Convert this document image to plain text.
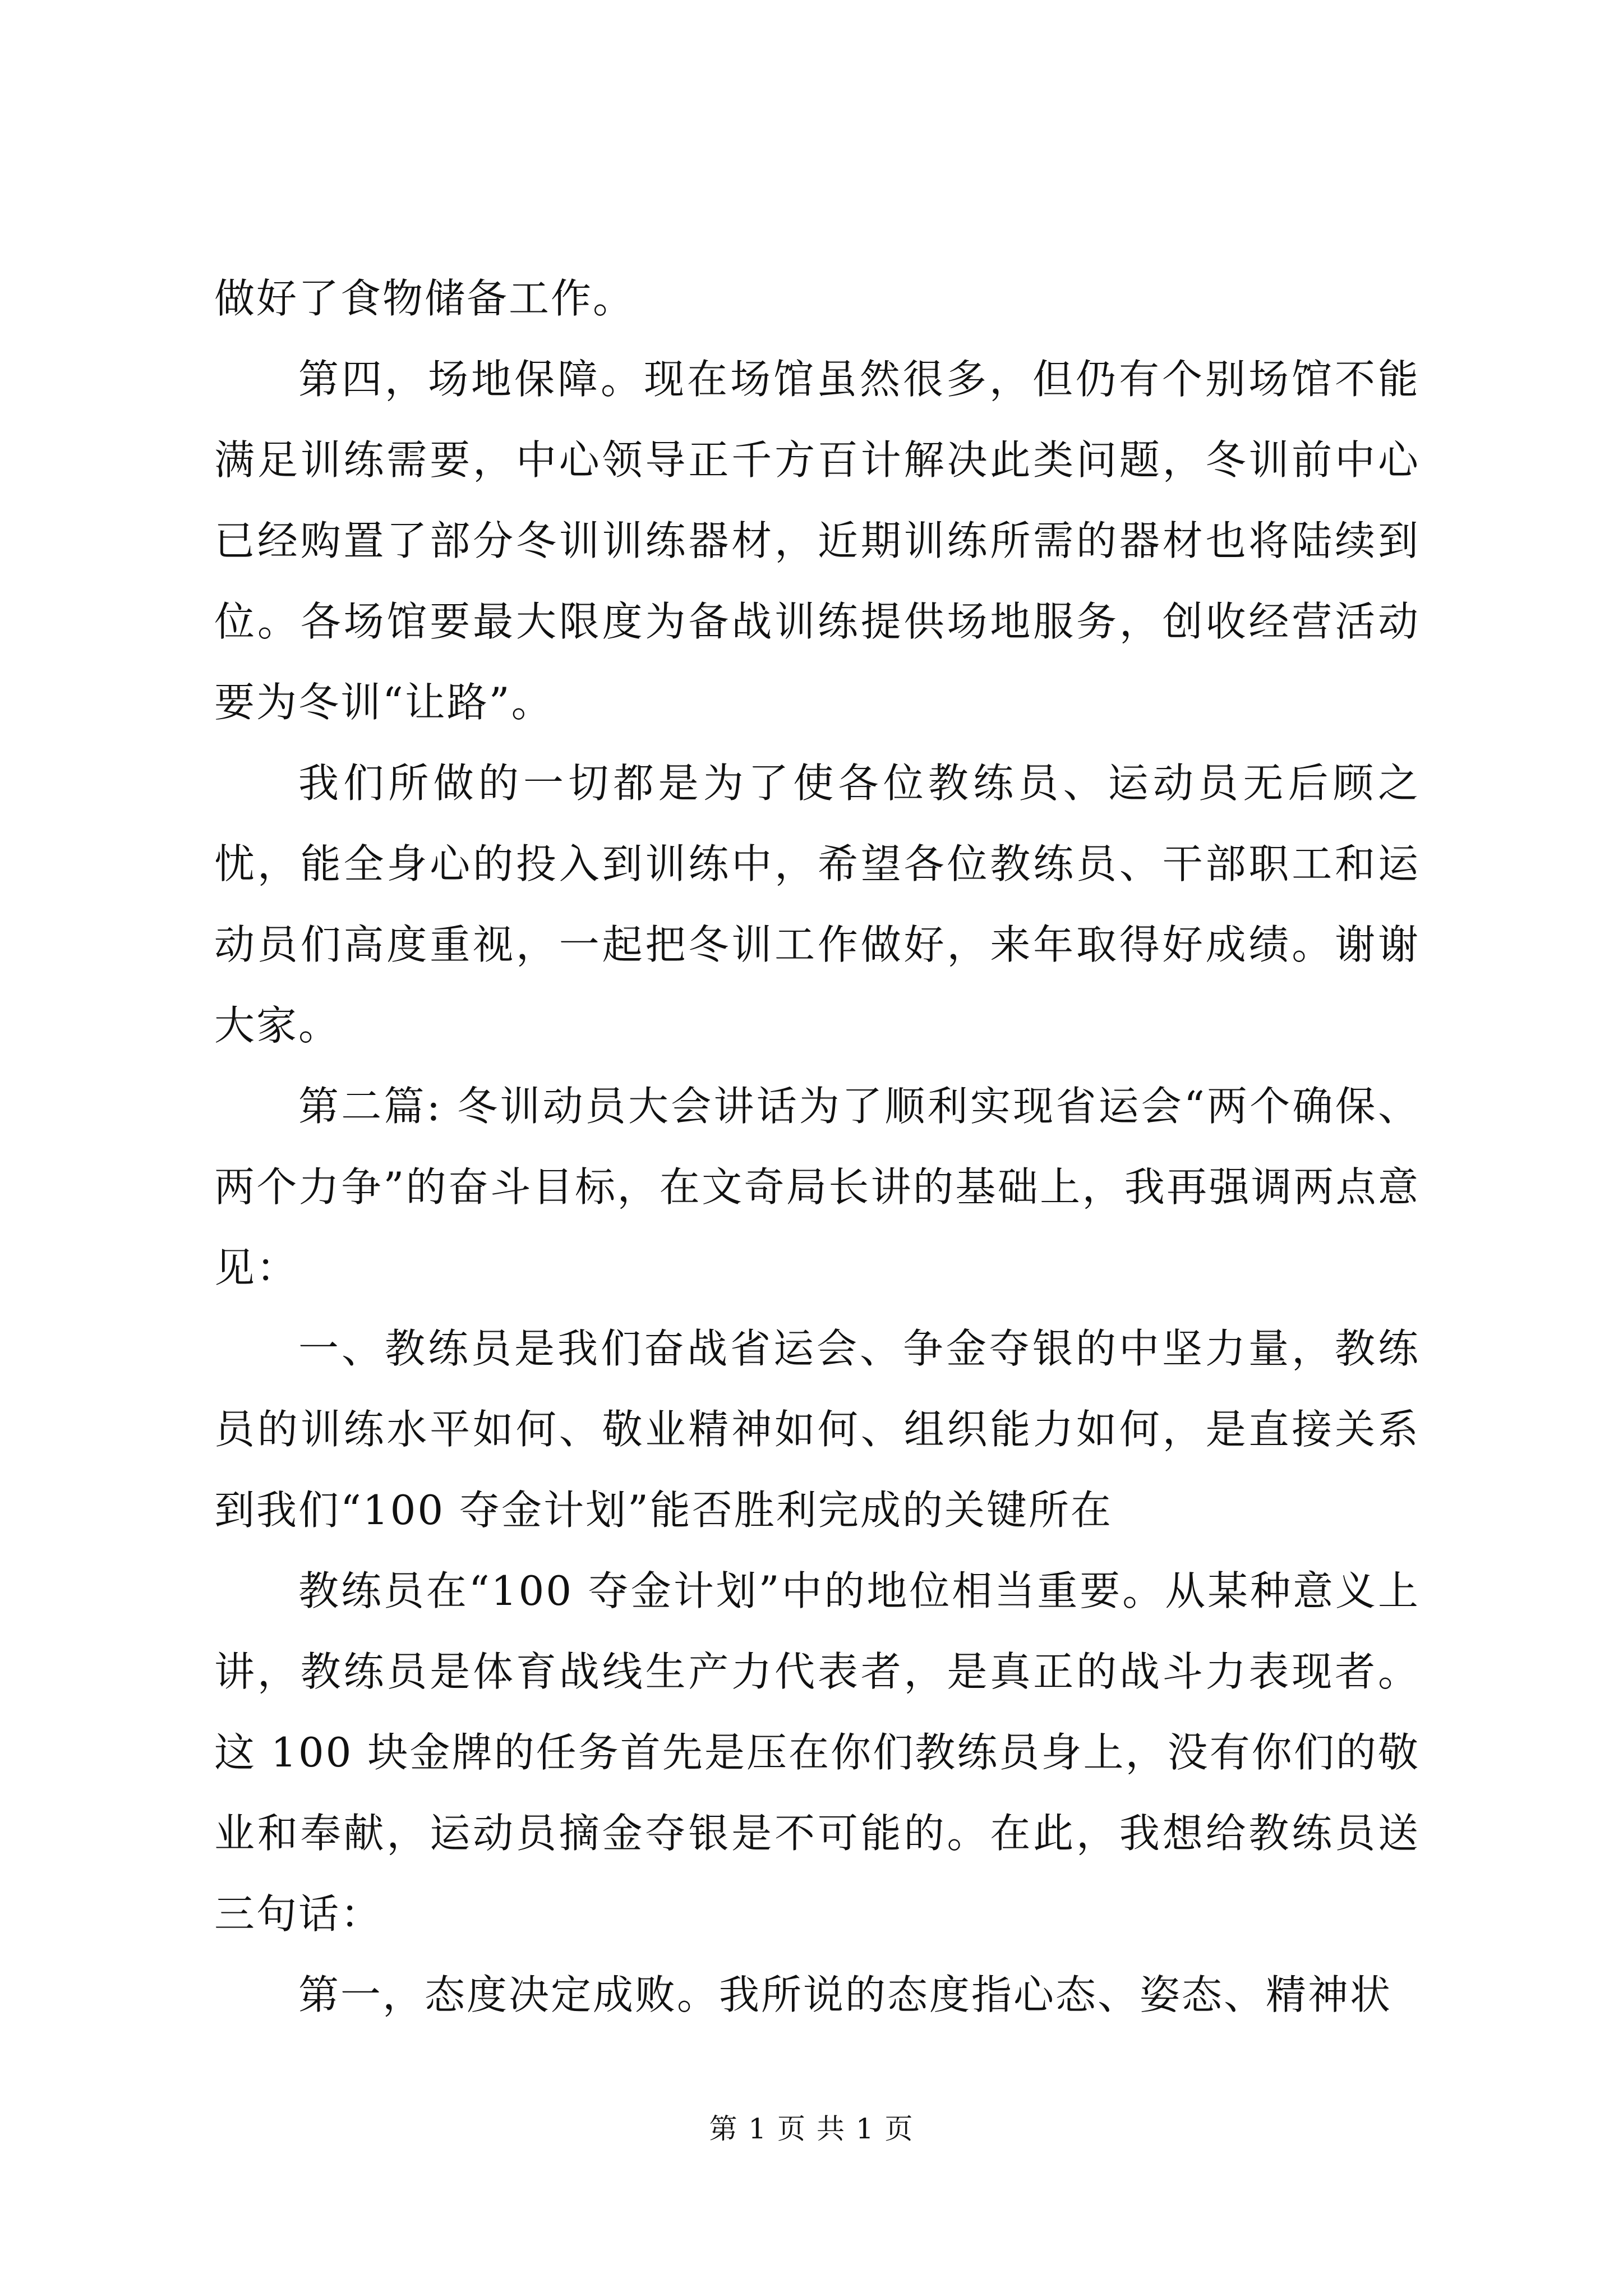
做好了食物储备工作。

第四，场地保障。现在场馆虽然很多，但仍有个别场馆不能满足训练需要，中心领导正千方百计解决此类问题，冬训前中心已经购置了部分冬训训练器材，近期训练所需的器材也将陆续到位。各场馆要最大限度为备战训练提供场地服务，创收经营活动要为冬训“让路”。

我们所做的一切都是为了使各位教练员、运动员无后顾之忧，能全身心的投入到训练中，希望各位教练员、干部职工和运动员们高度重视，一起把冬训工作做好，来年取得好成绩。谢谢大家。

第二篇: 冬训动员大会讲话为了顺利实现省运会“两个确保、两个力争”的奋斗目标，在文奇局长讲的基础上，我再强调两点意见：

一、教练员是我们奋战省运会、争金夺银的中坚力量，教练员的训练水平如何、敬业精神如何、组织能力如何，是直接关系到我们“100 夺金计划”能否胜利完成的关键所在

教练员在“100 夺金计划”中的地位相当重要。从某种意义上讲，教练员是体育战线生产力代表者，是真正的战斗力表现者。这 100 块金牌的任务首先是压在你们教练员身上，没有你们的敬业和奉献，运动员摘金夺银是不可能的。在此，我想给教练员送三句话：

第一，态度决定成败。我所说的态度指心态、姿态、精神状

第 1 页 共 1 页
